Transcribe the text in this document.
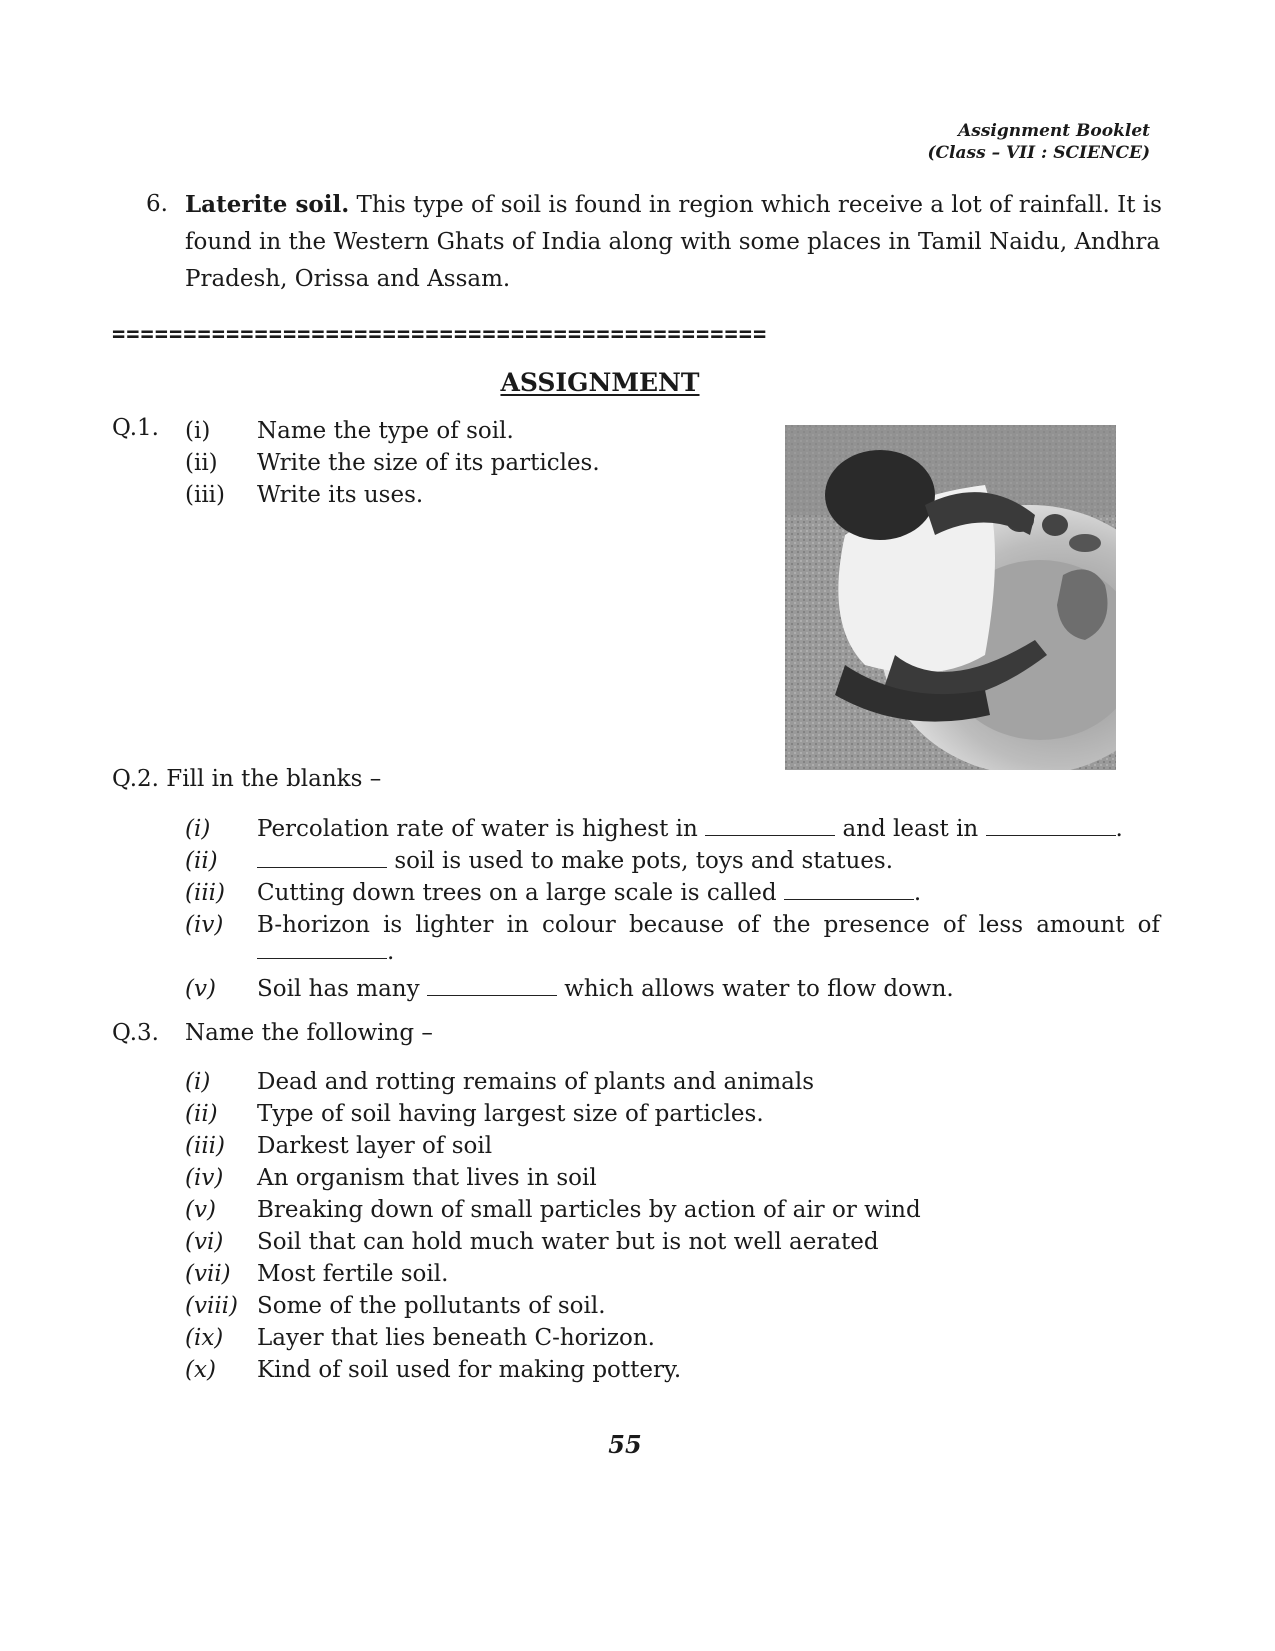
Assignment Booklet
(Class – VII : SCIENCE)
6. Laterite soil. This type of soil is found in region which receive a lot of rainfall. It is found in the Western Ghats of India along with some places in Tamil Naidu, Andhra Pradesh, Orissa and Assam.
==============================================
ASSIGNMENT
Q.1. (i) Name the type of soil.
(ii) Write the size of its particles.
(iii) Write its uses.
Q.2. Fill in the blanks –
(i) Percolation rate of water is highest in	and least in	.
(ii)	soil is used to make pots, toys and statues.
(iii) Cutting down trees on a large scale is called	.
(iv) B-horizon is lighter in colour because of the presence of less amount of
.
(v) Soil has many	which allows water to flow down.
Q.3. Name the following –
(i) Dead and rotting remains of plants and animals
(ii) Type of soil having largest size of particles.
(iii) Darkest layer of soil
(iv) An organism that lives in soil
(v) Breaking down of small particles by action of air or wind
(vi) Soil that can hold much water but is not well aerated
(vii) Most fertile soil.
(viii) Some of the pollutants of soil.
(ix) Layer that lies beneath C-horizon.
(x) Kind of soil used for making pottery.
55
